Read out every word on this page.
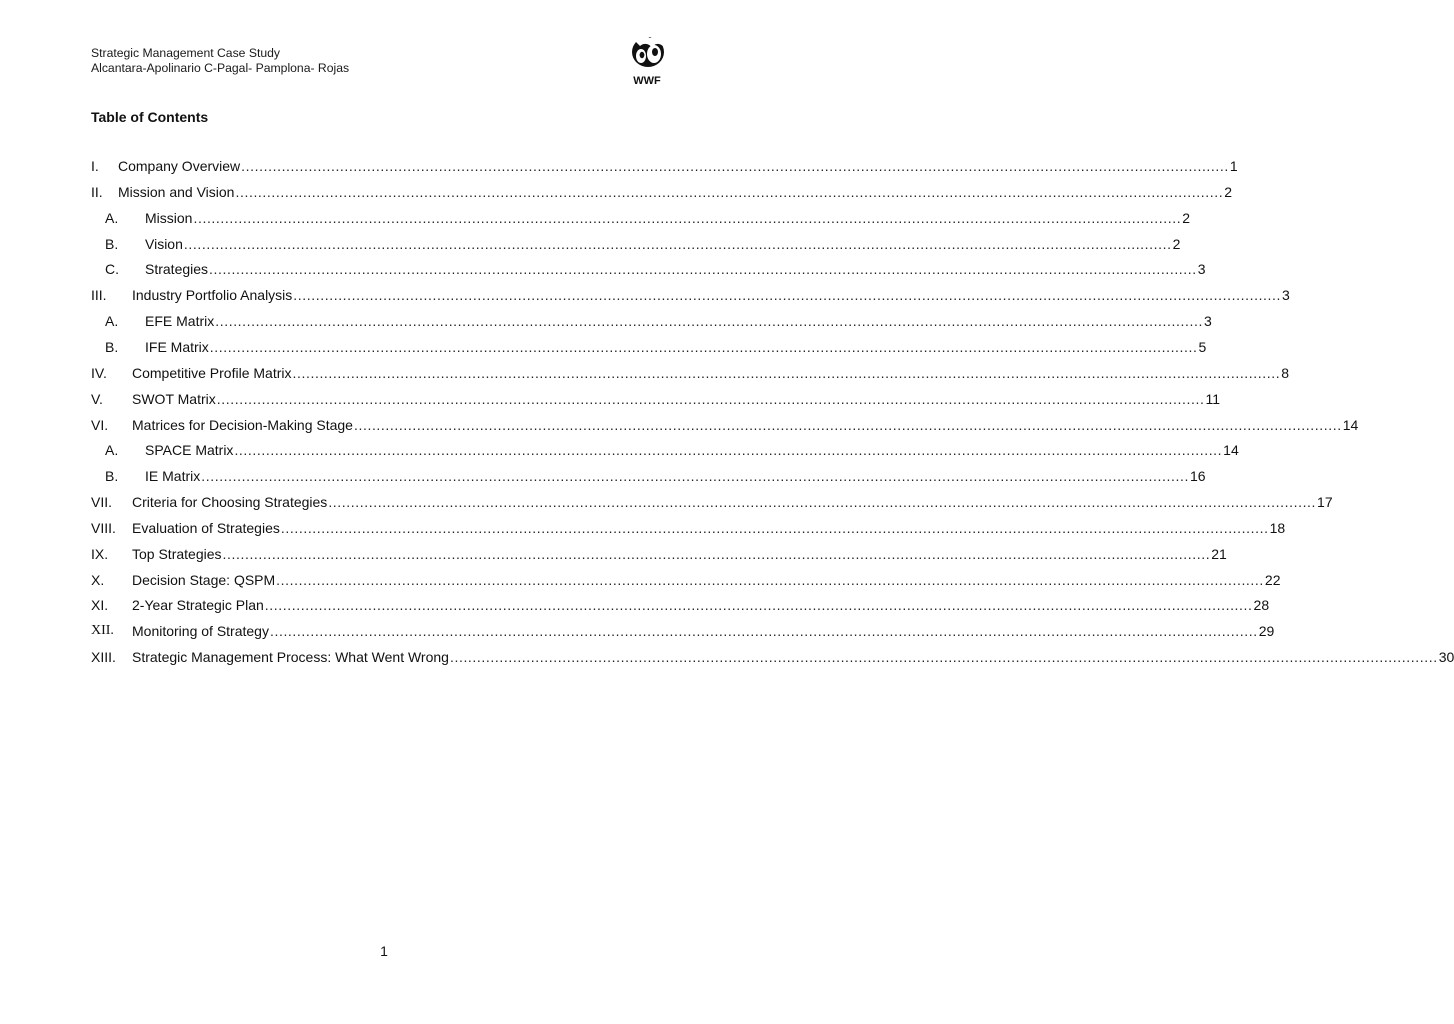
Strategic Management Case Study
Alcantara-Apolinario C-Pagal- Pamplona- Rojas
WWF
Table of Contents
I. Company Overview ............................................................................................................................................................................................................................ 1
II. Mission and Vision ............................................................................................................................................................................................................................ 2
A. Mission ............................................................................................................................................................................................................................ 2
B. Vision ............................................................................................................................................................................................................................ 2
C. Strategies ............................................................................................................................................................................................................................ 3
III. Industry Portfolio Analysis ............................................................................................................................................................................................................................ 3
A. EFE Matrix ............................................................................................................................................................................................................................ 3
B. IFE Matrix ............................................................................................................................................................................................................................ 5
IV. Competitive Profile Matrix ............................................................................................................................................................................................................................ 8
V. SWOT Matrix ............................................................................................................................................................................................................................ 11
VI. Matrices for Decision-Making Stage ............................................................................................................................................................................................................................ 14
A. SPACE Matrix ............................................................................................................................................................................................................................ 14
B. IE Matrix ............................................................................................................................................................................................................................ 16
VII. Criteria for Choosing Strategies ............................................................................................................................................................................................................................ 17
VIII. Evaluation of Strategies ............................................................................................................................................................................................................................ 18
IX. Top Strategies ............................................................................................................................................................................................................................ 21
X. Decision Stage: QSPM ............................................................................................................................................................................................................................ 22
XI. 2-Year Strategic Plan ............................................................................................................................................................................................................................ 28
XII. Monitoring of Strategy ............................................................................................................................................................................................................................ 29
XIII. Strategic Management Process: What Went Wrong ............................................................................................................................................................................................................................ 30
1
